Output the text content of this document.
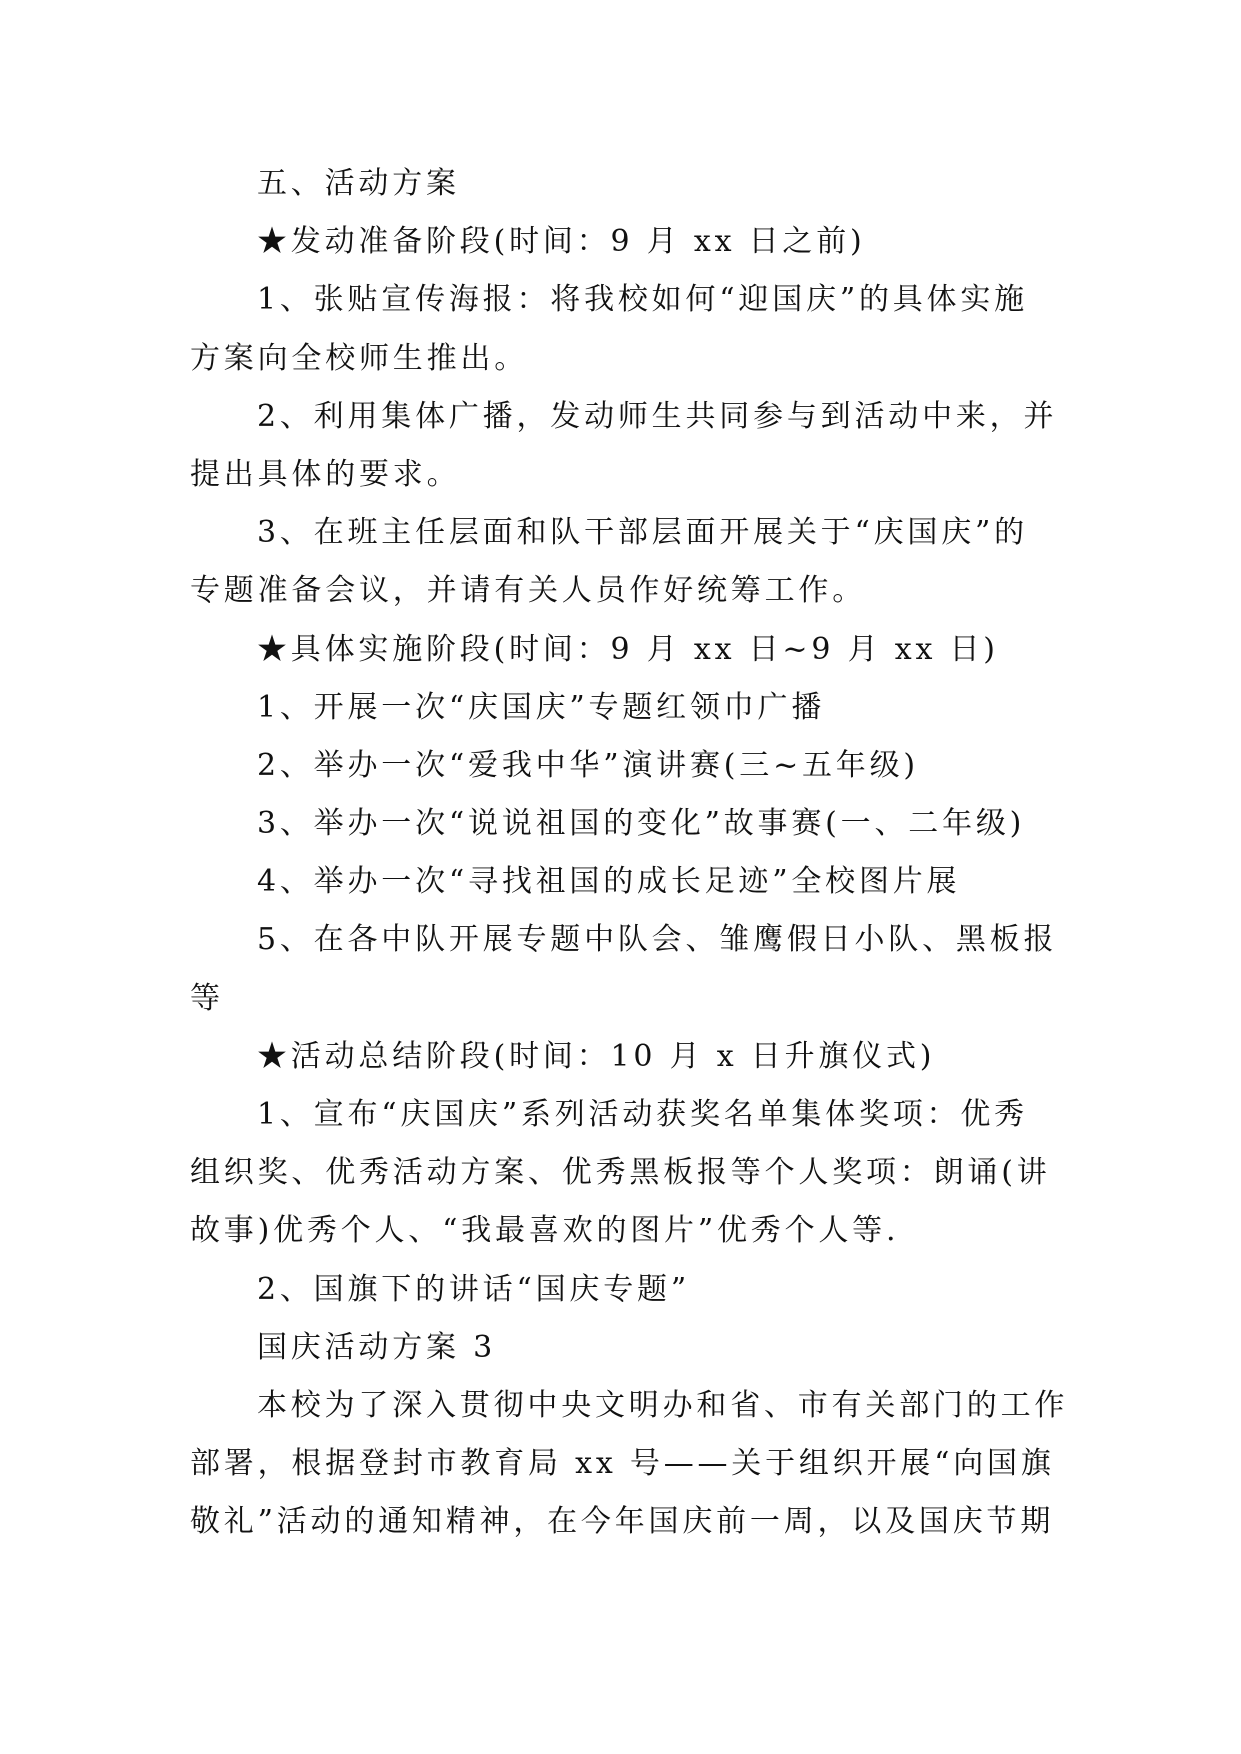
五、活动方案
★发动准备阶段(时间：9 月 xx 日之前)
1、张贴宣传海报：将我校如何“迎国庆”的具体实施
方案向全校师生推出。
2、利用集体广播，发动师生共同参与到活动中来，并
提出具体的要求。
3、在班主任层面和队干部层面开展关于“庆国庆”的
专题准备会议，并请有关人员作好统筹工作。
★具体实施阶段(时间：9 月 xx 日~9 月 xx 日)
1、开展一次“庆国庆”专题红领巾广播
2、举办一次“爱我中华”演讲赛(三~五年级)
3、举办一次“说说祖国的变化”故事赛(一、二年级)
4、举办一次“寻找祖国的成长足迹”全校图片展
5、在各中队开展专题中队会、雏鹰假日小队、黑板报
等
★活动总结阶段(时间：10 月 x 日升旗仪式)
1、宣布“庆国庆”系列活动获奖名单集体奖项：优秀
组织奖、优秀活动方案、优秀黑板报等个人奖项：朗诵(讲
故事)优秀个人、“我最喜欢的图片”优秀个人等.
2、国旗下的讲话“国庆专题”
国庆活动方案 3
本校为了深入贯彻中央文明办和省、市有关部门的工作
部署，根据登封市教育局 xx 号——关于组织开展“向国旗
敬礼”活动的通知精神，在今年国庆前一周，以及国庆节期
